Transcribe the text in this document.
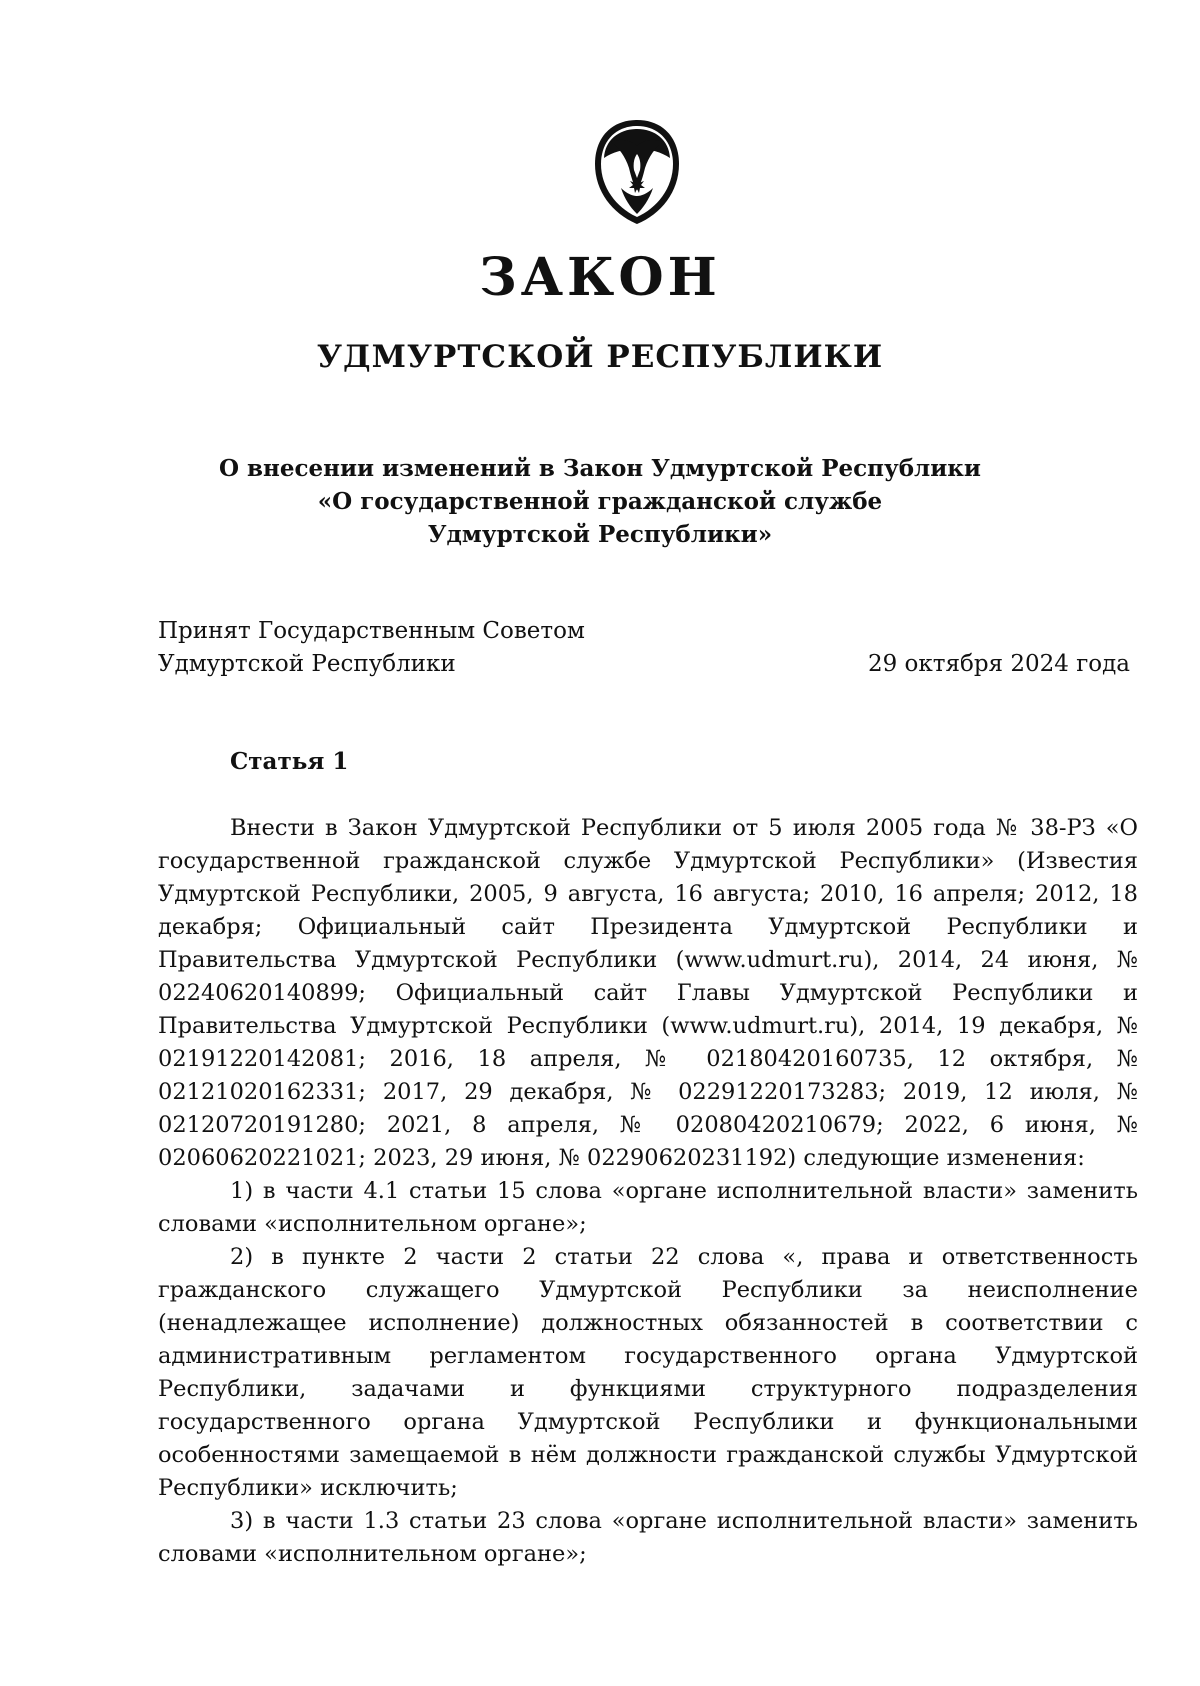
ЗАКОН
УДМУРТСКОЙ РЕСПУБЛИКИ
О внесении изменений в Закон Удмуртской Республики
«О государственной гражданской службе
Удмуртской Республики»
Принят Государственным Советом
Удмуртской Республики	29 октября 2024 года
Статья 1

Внести в Закон Удмуртской Республики от 5 июля 2005 года № 38-РЗ «О государственной гражданской службе Удмуртской Республики» (Известия Удмуртской Республики, 2005, 9 августа, 16 августа; 2010, 16 апреля; 2012, 18 декабря; Официальный сайт Президента Удмуртской Республики и Правительства Удмуртской Республики (www.udmurt.ru), 2014, 24 июня, № 02240620140899; Официальный сайт Главы Удмуртской Республики и Правительства Удмуртской Республики (www.udmurt.ru), 2014, 19 декабря, № 02191220142081; 2016, 18 апреля, № 02180420160735, 12 октября, № 02121020162331; 2017, 29 декабря, № 02291220173283; 2019, 12 июля, № 02120720191280; 2021, 8 апреля, № 02080420210679; 2022, 6 июня, № 02060620221021; 2023, 29 июня, № 02290620231192) следующие изменения:

1) в части 4.1 статьи 15 слова «органе исполнительной власти» заменить словами «исполнительном органе»;

2) в пункте 2 части 2 статьи 22 слова «, права и ответственность гражданского служащего Удмуртской Республики за неисполнение (ненадлежащее исполнение) должностных обязанностей в соответствии с административным регламентом государственного органа Удмуртской Республики, задачами и функциями структурного подразделения государственного органа Удмуртской Республики и функциональными особенностями замещаемой в нём должности гражданской службы Удмуртской Республики» исключить;

3) в части 1.3 статьи 23 слова «органе исполнительной власти» заменить словами «исполнительном органе»;
